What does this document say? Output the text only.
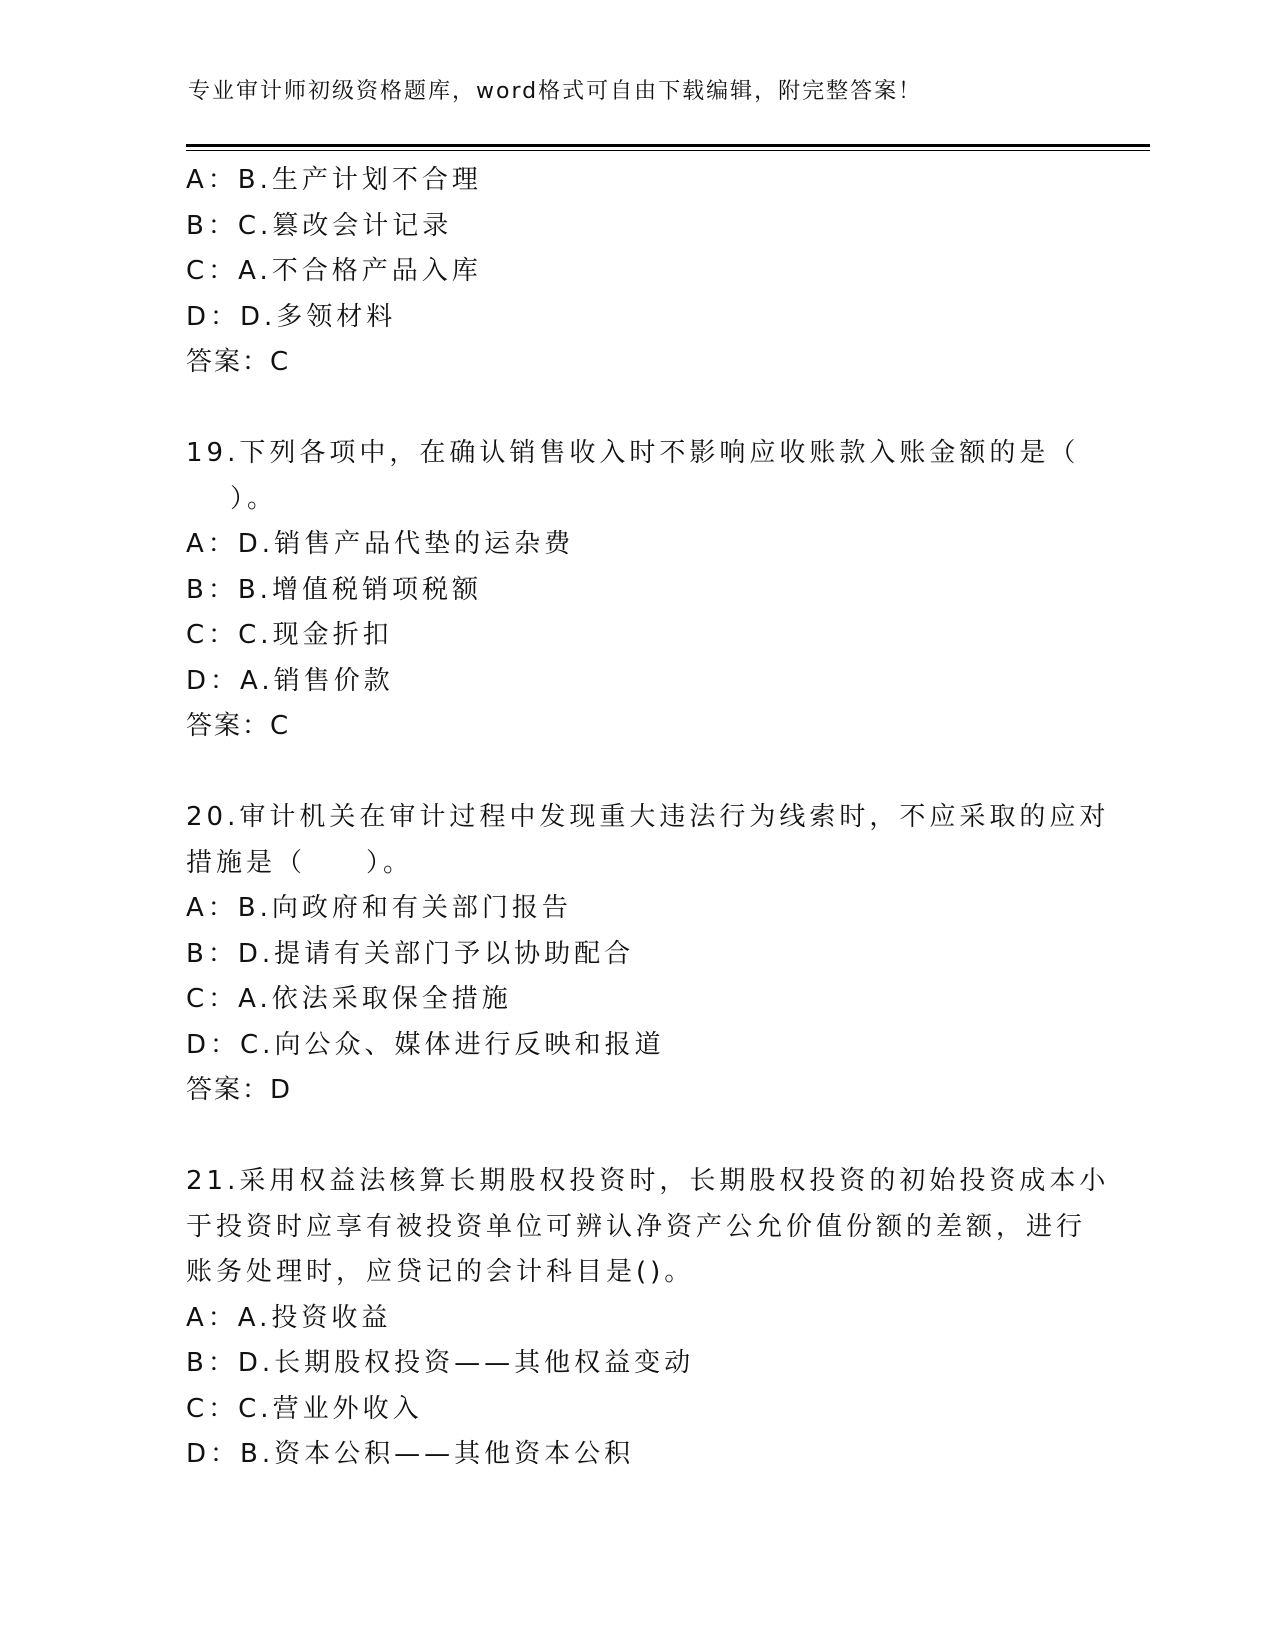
专业审计师初级资格题库，word格式可自由下载编辑，附完整答案！
A：B.生产计划不合理
B：C.篡改会计记录
C：A.不合格产品入库
D：D.多领材料
答案：C
19.下列各项中，在确认销售收入时不影响应收账款入账金额的是（
）。
A：D.销售产品代垫的运杂费
B：B.增值税销项税额
C：C.现金折扣
D：A.销售价款
答案：C
20.审计机关在审计过程中发现重大违法行为线索时，不应采取的应对
措施是（　　）。
A：B.向政府和有关部门报告
B：D.提请有关部门予以协助配合
C：A.依法采取保全措施
D：C.向公众、媒体进行反映和报道
答案：D
21.采用权益法核算长期股权投资时，长期股权投资的初始投资成本小
于投资时应享有被投资单位可辨认净资产公允价值份额的差额，进行
账务处理时，应贷记的会计科目是()。
A：A.投资收益
B：D.长期股权投资——其他权益变动
C：C.营业外收入
D：B.资本公积——其他资本公积
